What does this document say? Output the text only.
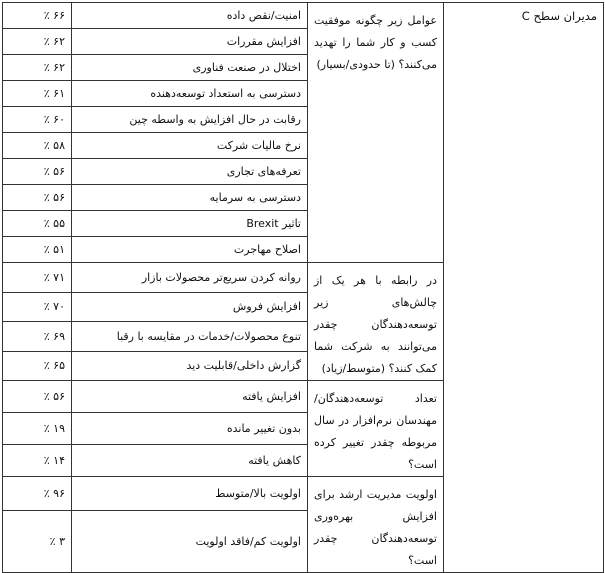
مدیران سطح C	عوامل زیر چگونه موفقیت کسب و کار شما را تهدید می‌کنند؟ (تا حدودی/بسیار)	امنیت/نقص داده	۶۶ ٪
		افزایش مقررات	۶۲ ٪
		اختلال در صنعت فناوری	۶۲ ٪
		دسترسی به استعداد توسعه‌دهنده	۶۱ ٪
		رقابت در حال افزایش به واسطه چین	۶۰ ٪
		نرخ مالیات شرکت	۵۸ ٪
		تعرفه‌های تجاری	۵۶ ٪
		دسترسی به سرمایه	۵۶ ٪
		تاثیر Brexit	۵۵ ٪
		اصلاح مهاجرت	۵۱ ٪
	در رابطه با هر یک از چالش‌های زیر توسعه‌دهندگان چقدر می‌توانند به شرکت شما کمک کنند؟ (متوسط/زیاد)	روانه کردن سریع‌تر محصولات بازار	۷۱ ٪
		افزایش فروش	۷۰ ٪
		تنوع محصولات/خدمات در مقایسه با رقبا	۶۹ ٪
		گزارش داخلی/قابلیت دید	۶۵ ٪
	تعداد توسعه‌دهندگان/مهندسان نرم‌افزار در سال مربوطه چقدر تغییر کرده است؟	افزایش یافته	۵۶ ٪
		بدون تغییر مانده	۱۹ ٪
		کاهش یافته	۱۴ ٪
	اولویت مدیریت ارشد برای افزایش بهره‌وری توسعه‌دهندگان چقدر است؟	اولویت بالا/متوسط	۹۶ ٪
		اولویت کم/فاقد اولویت	۳ ٪
